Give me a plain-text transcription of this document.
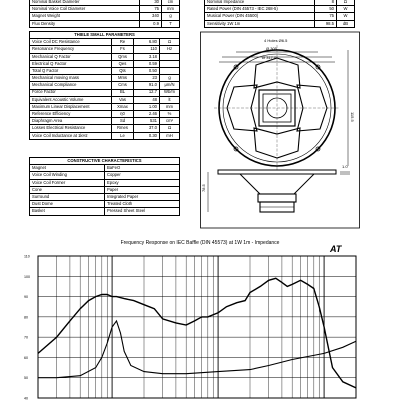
Nominal Basket Diameter	30	cm
Nominal Voice Coil Diameter	75	mm
Magnet Weight	340	g
Flux Density	0.9	T
Nominal Impedance	8	Ω
Rated Power (DIN 45573 - IEC 268-5)	50	W
Musical Power (DIN 45500)	75	W
Sensitivity 1W 1m	98.5	dB
THIELE SMALL PARAMETERS			
Voice Coil DC Resistance	Re	6.80	Ω
Resonance Frequency	Fs	110	Hz
Mechanical Q Factor	Qms	3.18	
Electrical Q Factor	Qes	0.59	
Total Q Factor	Qts	0.50	
Mechanical moving mass	Mms	23	g
Mechanical Compliance	Cms	91.0	μm/N
Force Factor	BL	12.7	Wb/m
Equivalent Acoustic Volume	Vas	48	lt
Maximum Linear Displacement	Xmax	1.00	mm
Reference Efficiency	η0	2.46	%
Diaphragm Area	Sd	531	cm²
Losses Electrical Resistance	Rmes	37.0	Ω
Voice Coil Inductance at 1kHz	Le	0.30	mH
CONSTRUCTIVE CHARACTERISTICS	
Magnet	BaFeO
Voice Coil Winding	Copper
Voice Coil Former	Epoxy
Cone	Paper
Surround	Integrated Paper
Dust Dome	Treated Cloth
Basket	Pressed Sheet Steel
4 Holes Ø6.5
Ø 305
Ø 317.0
115.5
78.5
1.0
Frequency Response on IEC Baffle (DIN 45573) at 1W 1m - Impedance
AT
110
100
90
80
70
60
50
40
